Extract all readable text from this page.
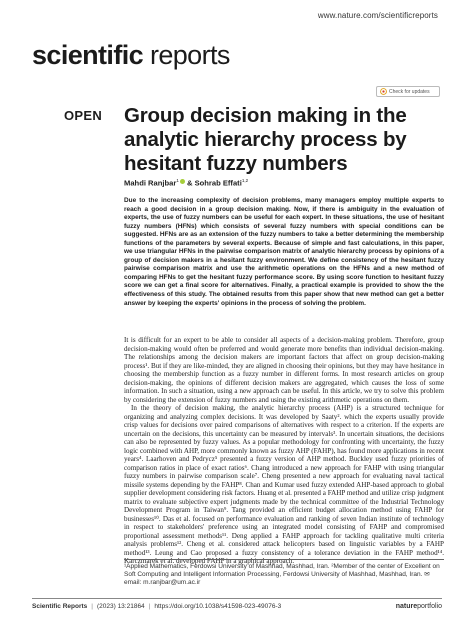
www.nature.com/scientificreports
scientific reports
Check for updates
OPEN Group decision making in the analytic hierarchy process by hesitant fuzzy numbers
Mahdi Ranjbar$^1$ & Sohrab Effati$^{1,2}$

Due to the increasing complexity of decision problems, many managers employ multiple experts to reach a good decision in a group decision making. Now, if there is ambiguity in the evaluation of experts, the use of fuzzy numbers can be useful for each expert. In these situations, the use of hesitant fuzzy numbers (HFNs) which consists of several fuzzy numbers with special conditions can be suggested. HFNs are as an extension of the fuzzy numbers to take a better determining the membership functions of the parameters by several experts. Because of simple and fast calculations, in this paper, we use triangular HFNs in the pairwise comparison matrix of analytic hierarchy process by opinions of a group of decision makers in a hesitant fuzzy environment. We define consistency of the hesitant fuzzy pairwise comparison matrix and use the arithmetic operations on the HFNs and a new method of comparing HFNs to get the hesitant fuzzy performance score. By using score function to hesitant fuzzy score we can get a final score for alternatives. Finally, a practical example is provided to show the the effectiveness of this study. The obtained results from this paper show that new method can get a better answer by keeping the experts' opinions in the process of solving the problem.

It is difficult for an expert to be able to consider all aspects of a decision-making problem. Therefore, group decision-making would often be preferred and would generate more benefits than individual decision-making. The relationships among the decision makers are important factors that affect on group decision-making process¹. But if they are like-minded, they are aligned in choosing their opinions, but they may have hesitance in choosing the membership function as a fuzzy number in different forms. In most research articles on group decision-making, the opinions of different decision makers are aggregated, which causes the loss of some information. In such a situation, using a new approach can be useful. In this article, we try to solve this problem by considering the extension of fuzzy numbers and using the existing arithmetic operations on them.

In the theory of decision making, the analytic hierarchy process (AHP) is a structured technique for organizing and analyzing complex decisions. It was developed by Saaty². which the experts usually provide crisp values for decisions over paired comparisons of alternatives with respect to a criterion. If the experts are uncertain on the decisions, this uncertainty can be measured by intervals³. In uncertain situations, the decisions can also be represented by fuzzy values. As a popular methodology for confronting with uncertainty, the fuzzy logic combined with AHP, more commonly known as fuzzy AHP (FAHP), has found more applications in recent years⁴. Laarhoven and Pedrycz⁵ presented a fuzzy version of AHP method. Buckley used fuzzy priorities of comparison ratios in place of exact ratios⁶. Chang introduced a new approach for FAHP with using triangular fuzzy numbers in pairwise comparison scale⁷. Cheng presented a new approach for evaluating naval tactical missile systems depending by the FAHP⁸. Chan and Kumar used fuzzy extended AHP-based approach to global supplier development considering risk factors. Huang et al. presented a FAHP method and utilize crisp judgment matrix to evaluate subjective expert judgments made by the technical committee of the Industrial Technology Development Program in Taiwan⁹. Tang provided an efficient budget allocation method using FAHP for businesses¹⁰. Das et al. focused on performance evaluation and ranking of seven Indian institute of technology in respect to stakeholders' preference using an integrated model consisting of FAHP and compromised proportional assessment methods¹¹. Deng applied a FAHP approach for tackling qualitative multi criteria analysis problems¹². Cheng et al. considered attack helicopters based on linguistic variables by a FAHP method¹³. Leung and Cao proposed a fuzzy consistency of a tolerance deviation in the FAHP method¹⁴. Karczmarek et al. developed FAHP in a graphical approach.

¹Applied Mathematics, Ferdowsi University of Mashhad, Mashhad, Iran. ²Member of the center of Excellent on Soft Computing and Intelligent Information Processing, Ferdowsi University of Mashhad, Mashhad, Iran. ✉email: m.ranjbar@um.ac.ir

Scientific Reports | (2023) 13:21864 | https://doi.org/10.1038/s41598-023-49076-3	natureportfolio
